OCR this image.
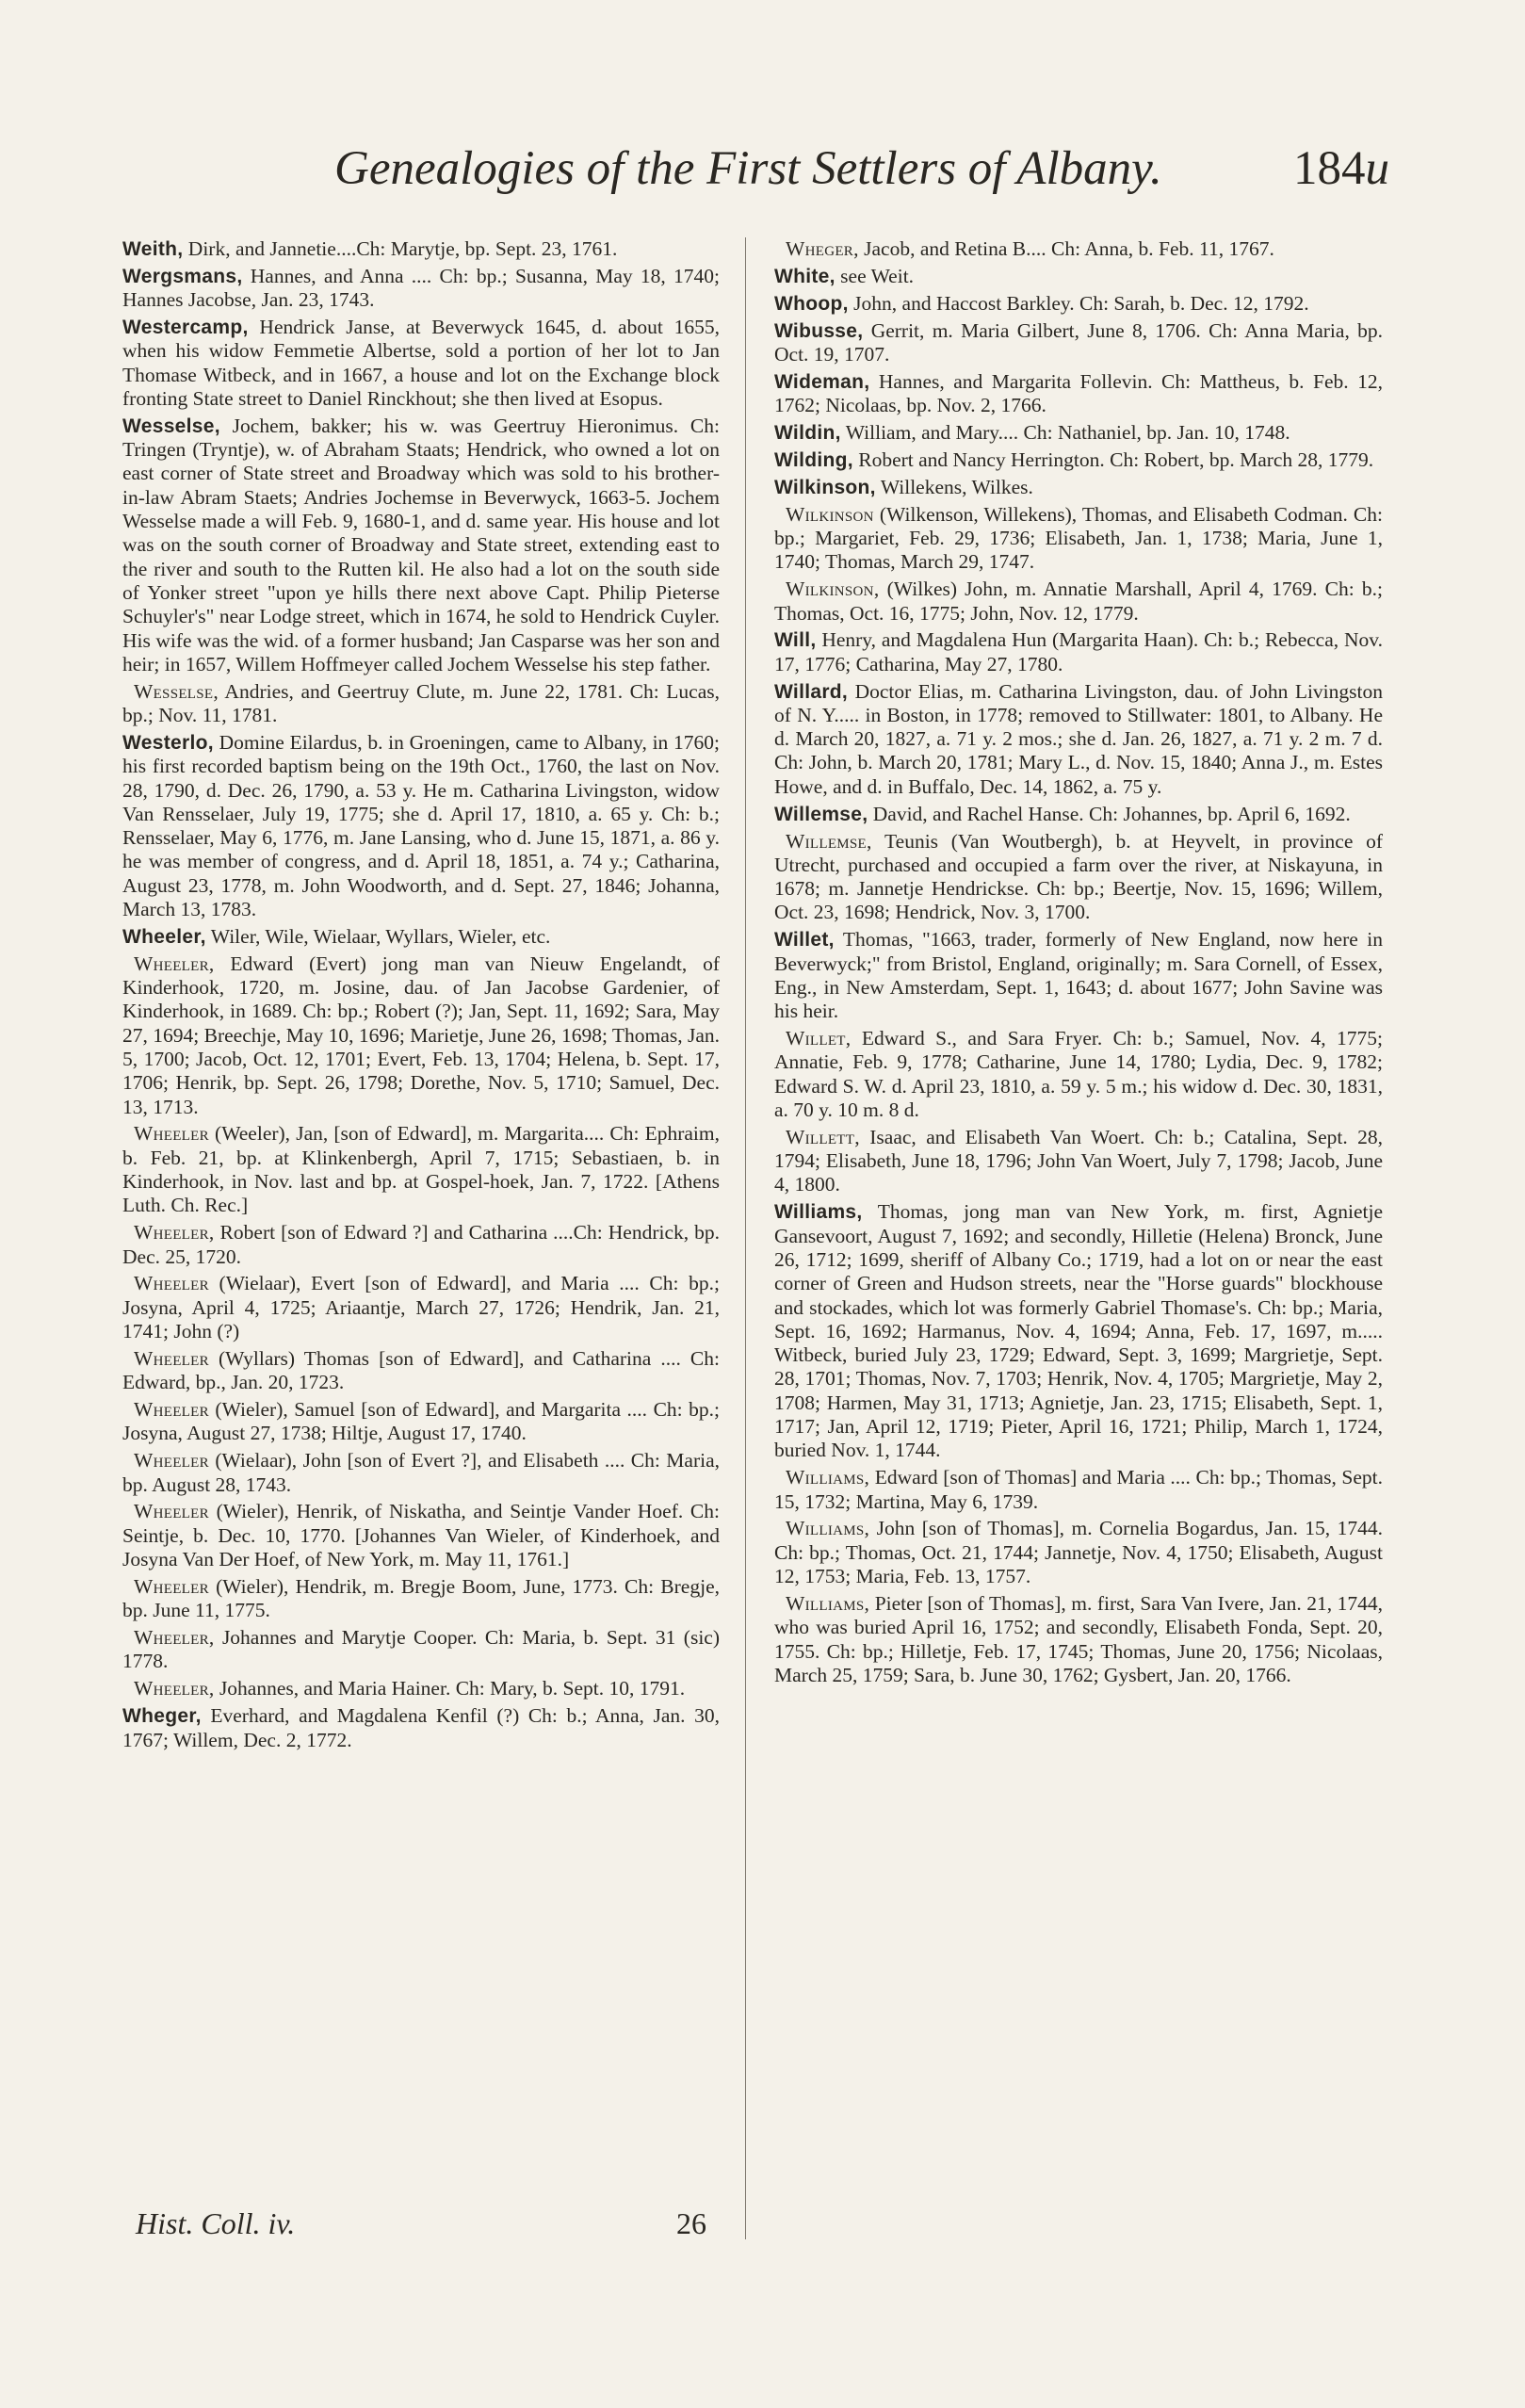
Genealogies of the First Settlers of Albany.	184u

Weith, Dirk, and Jannetie....Ch: Marytje, bp. Sept. 23, 1761.

Wergsmans, Hannes, and Anna .... Ch: bp.; Susanna, May 18, 1740; Hannes Jacobse, Jan. 23, 1743.

Westercamp, Hendrick Janse, at Beverwyck 1645, d. about 1655, when his widow Femmetie Albertse, sold a portion of her lot to Jan Thomase Witbeck, and in 1667, a house and lot on the Exchange block fronting State street to Daniel Rinckhout; she then lived at Esopus.

Wesselse, Jochem, bakker; his w. was Geertruy Hieronimus. Ch: Tringen (Tryntje), w. of Abraham Staats; Hendrick, who owned a lot on east corner of State street and Broadway which was sold to his brother-in-law Abram Staets; Andries Jochemse in Beverwyck, 1663-5. Jochem Wesselse made a will Feb. 9, 1680-1, and d. same year. His house and lot was on the south corner of Broadway and State street, extending east to the river and south to the Rutten kil. He also had a lot on the south side of Yonker street "upon ye hills there next above Capt. Philip Pieterse Schuyler's" near Lodge street, which in 1674, he sold to Hendrick Cuyler. His wife was the wid. of a former husband; Jan Casparse was her son and heir; in 1657, Willem Hoffmeyer called Jochem Wesselse his step father.

Wesselse, Andries, and Geertruy Clute, m. June 22, 1781. Ch: Lucas, bp.; Nov. 11, 1781.

Westerlo, Domine Eilardus, b. in Groeningen, came to Albany, in 1760; his first recorded baptism being on the 19th Oct., 1760, the last on Nov. 28, 1790, d. Dec. 26, 1790, a. 53 y. He m. Catharina Livingston, widow Van Rensselaer, July 19, 1775; she d. April 17, 1810, a. 65 y. Ch: b.; Rensselaer, May 6, 1776, m. Jane Lansing, who d. June 15, 1871, a. 86 y. he was member of congress, and d. April 18, 1851, a. 74 y.; Catharina, August 23, 1778, m. John Woodworth, and d. Sept. 27, 1846; Johanna, March 13, 1783.

Wheeler, Wiler, Wile, Wielaar, Wyllars, Wieler, etc.

Wheeler, Edward (Evert) jong man van Nieuw Engelandt, of Kinderhook, 1720, m. Josine, dau. of Jan Jacobse Gardenier, of Kinderhook, in 1689. Ch: bp.; Robert (?); Jan, Sept. 11, 1692; Sara, May 27, 1694; Breechje, May 10, 1696; Marietje, June 26, 1698; Thomas, Jan. 5, 1700; Jacob, Oct. 12, 1701; Evert, Feb. 13, 1704; Helena, b. Sept. 17, 1706; Henrik, bp. Sept. 26, 1798; Dorethe, Nov. 5, 1710; Samuel, Dec. 13, 1713.

Wheeler (Weeler), Jan, [son of Edward], m. Margarita.... Ch: Ephraim, b. Feb. 21, bp. at Klinkenbergh, April 7, 1715; Sebastiaen, b. in Kinderhook, in Nov. last and bp. at Gospel-hoek, Jan. 7, 1722. [Athens Luth. Ch. Rec.]

Wheeler, Robert [son of Edward ?] and Catharina ....Ch: Hendrick, bp. Dec. 25, 1720.

Wheeler (Wielaar), Evert [son of Edward], and Maria .... Ch: bp.; Josyna, April 4, 1725; Ariaantje, March 27, 1726; Hendrik, Jan. 21, 1741; John (?)

Wheeler (Wyllars) Thomas [son of Edward], and Catharina .... Ch: Edward, bp., Jan. 20, 1723.

Wheeler (Wieler), Samuel [son of Edward], and Margarita .... Ch: bp.; Josyna, August 27, 1738; Hiltje, August 17, 1740.

Wheeler (Wielaar), John [son of Evert ?], and Elisabeth .... Ch: Maria, bp. August 28, 1743.

Wheeler (Wieler), Henrik, of Niskatha, and Seintje Vander Hoef. Ch: Seintje, b. Dec. 10, 1770. [Johannes Van Wieler, of Kinderhoek, and Josyna Van Der Hoef, of New York, m. May 11, 1761.]

Wheeler (Wieler), Hendrik, m. Bregje Boom, June, 1773. Ch: Bregje, bp. June 11, 1775.

Wheeler, Johannes and Marytje Cooper. Ch: Maria, b. Sept. 31 (sic) 1778.

Wheeler, Johannes, and Maria Hainer. Ch: Mary, b. Sept. 10, 1791.

Wheger, Everhard, and Magdalena Kenfil (?) Ch: b.; Anna, Jan. 30, 1767; Willem, Dec. 2, 1772.

Wheger, Jacob, and Retina B.... Ch: Anna, b. Feb. 11, 1767.

White, see Weit.

Whoop, John, and Haccost Barkley. Ch: Sarah, b. Dec. 12, 1792.

Wibusse, Gerrit, m. Maria Gilbert, June 8, 1706. Ch: Anna Maria, bp. Oct. 19, 1707.

Wideman, Hannes, and Margarita Follevin. Ch: Mattheus, b. Feb. 12, 1762; Nicolaas, bp. Nov. 2, 1766.

Wildin, William, and Mary.... Ch: Nathaniel, bp. Jan. 10, 1748.

Wilding, Robert and Nancy Herrington. Ch: Robert, bp. March 28, 1779.

Wilkinson, Willekens, Wilkes.

Wilkinson (Wilkenson, Willekens), Thomas, and Elisabeth Codman. Ch: bp.; Margariet, Feb. 29, 1736; Elisabeth, Jan. 1, 1738; Maria, June 1, 1740; Thomas, March 29, 1747.

Wilkinson, (Wilkes) John, m. Annatie Marshall, April 4, 1769. Ch: b.; Thomas, Oct. 16, 1775; John, Nov. 12, 1779.

Will, Henry, and Magdalena Hun (Margarita Haan). Ch: b.; Rebecca, Nov. 17, 1776; Catharina, May 27, 1780.

Willard, Doctor Elias, m. Catharina Livingston, dau. of John Livingston of N. Y..... in Boston, in 1778; removed to Stillwater: 1801, to Albany. He d. March 20, 1827, a. 71 y. 2 mos.; she d. Jan. 26, 1827, a. 71 y. 2 m. 7 d. Ch: John, b. March 20, 1781; Mary L., d. Nov. 15, 1840; Anna J., m. Estes Howe, and d. in Buffalo, Dec. 14, 1862, a. 75 y.

Willemse, David, and Rachel Hanse. Ch: Johannes, bp. April 6, 1692.

Willemse, Teunis (Van Woutbergh), b. at Heyvelt, in province of Utrecht, purchased and occupied a farm over the river, at Niskayuna, in 1678; m. Jannetje Hendrickse. Ch: bp.; Beertje, Nov. 15, 1696; Willem, Oct. 23, 1698; Hendrick, Nov. 3, 1700.

Willet, Thomas, "1663, trader, formerly of New England, now here in Beverwyck;" from Bristol, England, originally; m. Sara Cornell, of Essex, Eng., in New Amsterdam, Sept. 1, 1643; d. about 1677; John Savine was his heir.

Willet, Edward S., and Sara Fryer. Ch: b.; Samuel, Nov. 4, 1775; Annatie, Feb. 9, 1778; Catharine, June 14, 1780; Lydia, Dec. 9, 1782; Edward S. W. d. April 23, 1810, a. 59 y. 5 m.; his widow d. Dec. 30, 1831, a. 70 y. 10 m. 8 d.

Willett, Isaac, and Elisabeth Van Woert. Ch: b.; Catalina, Sept. 28, 1794; Elisabeth, June 18, 1796; John Van Woert, July 7, 1798; Jacob, June 4, 1800.

Williams, Thomas, jong man van New York, m. first, Agnietje Gansevoort, August 7, 1692; and secondly, Hilletie (Helena) Bronck, June 26, 1712; 1699, sheriff of Albany Co.; 1719, had a lot on or near the east corner of Green and Hudson streets, near the "Horse guards" blockhouse and stockades, which lot was formerly Gabriel Thomase's. Ch: bp.; Maria, Sept. 16, 1692; Harmanus, Nov. 4, 1694; Anna, Feb. 17, 1697, m..... Witbeck, buried July 23, 1729; Edward, Sept. 3, 1699; Margrietje, Sept. 28, 1701; Thomas, Nov. 7, 1703; Henrik, Nov. 4, 1705; Margrietje, May 2, 1708; Harmen, May 31, 1713; Agnietje, Jan. 23, 1715; Elisabeth, Sept. 1, 1717; Jan, April 12, 1719; Pieter, April 16, 1721; Philip, March 1, 1724, buried Nov. 1, 1744.

Williams, Edward [son of Thomas] and Maria .... Ch: bp.; Thomas, Sept. 15, 1732; Martina, May 6, 1739.

Williams, John [son of Thomas], m. Cornelia Bogardus, Jan. 15, 1744. Ch: bp.; Thomas, Oct. 21, 1744; Jannetje, Nov. 4, 1750; Elisabeth, August 12, 1753; Maria, Feb. 13, 1757.

Williams, Pieter [son of Thomas], m. first, Sara Van Ivere, Jan. 21, 1744, who was buried April 16, 1752; and secondly, Elisabeth Fonda, Sept. 20, 1755. Ch: bp.; Hilletje, Feb. 17, 1745; Thomas, June 20, 1756; Nicolaas, March 25, 1759; Sara, b. June 30, 1762; Gysbert, Jan. 20, 1766.

Hist. Coll. iv.	26
